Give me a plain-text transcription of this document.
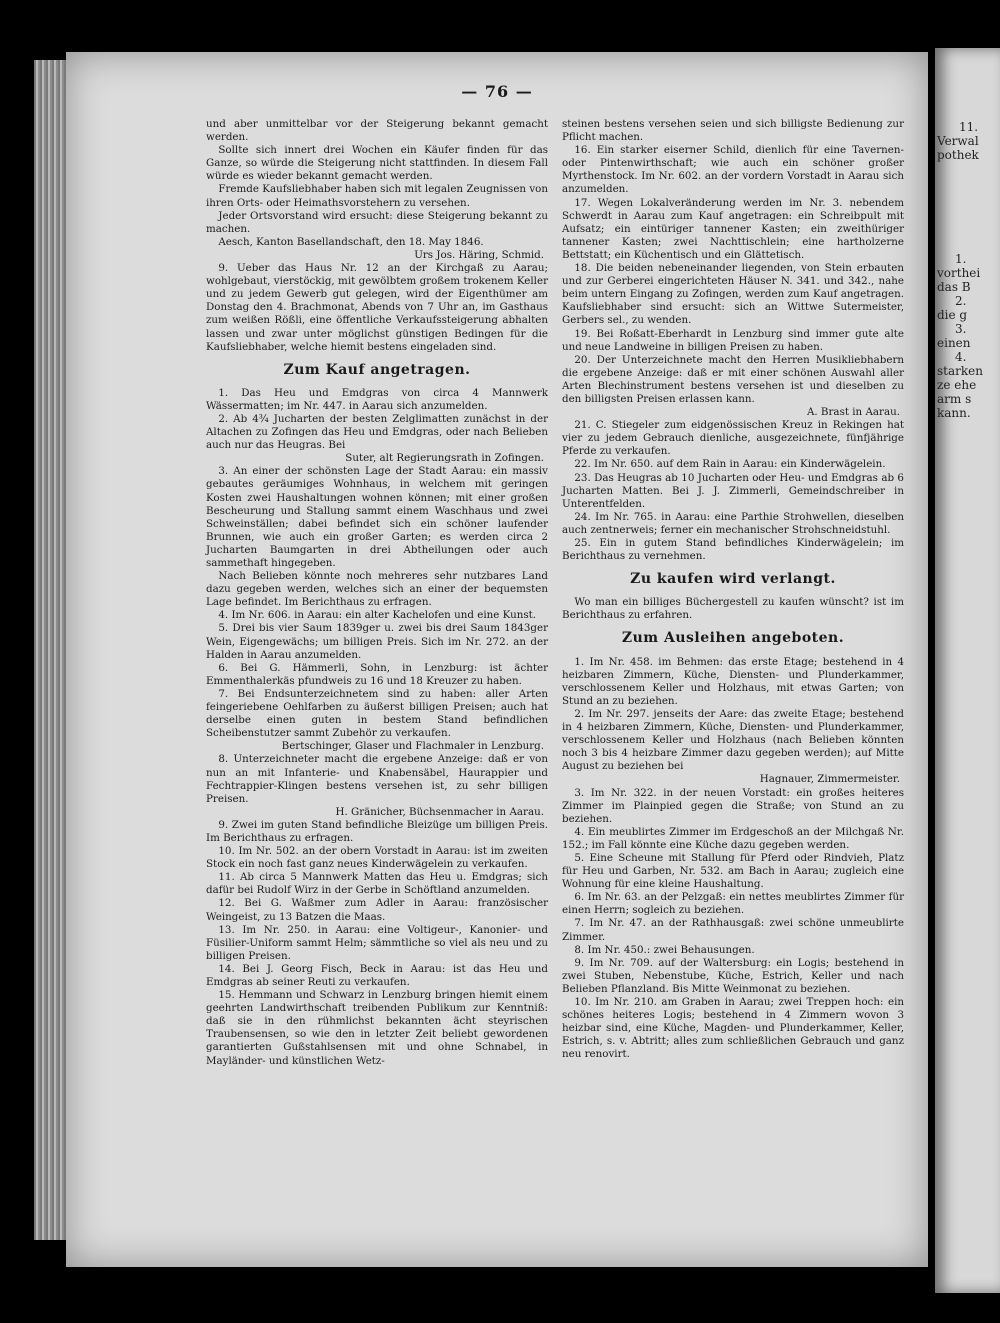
— 76 —

und aber unmittelbar vor der Steigerung bekannt gemacht werden.

Sollte sich innert drei Wochen ein Käufer finden für das Ganze, so würde die Steigerung nicht stattfinden. In diesem Fall würde es wieder bekannt gemacht werden.

Fremde Kaufsliebhaber haben sich mit legalen Zeugnissen von ihren Orts- oder Heimathsvorstehern zu versehen.

Jeder Ortsvorstand wird ersucht: diese Steigerung bekannt zu machen.

Aesch, Kanton Basellandschaft, den 18. May 1846.

Urs Jos. Häring, Schmid.

9. Ueber das Haus Nr. 12 an der Kirchgaß zu Aarau; wohlgebaut, vierstöckig, mit gewölbtem großem trokenem Keller und zu jedem Gewerb gut gelegen, wird der Eigenthümer am Donstag den 4. Brachmonat, Abends von 7 Uhr an, im Gasthaus zum weißen Rößli, eine öffentliche Verkaufssteigerung abhalten lassen und zwar unter möglichst günstigen Bedingen für die Kaufsliebhaber, welche hiemit bestens eingeladen sind.

Zum Kauf angetragen.

1. Das Heu und Emdgras von circa 4 Mannwerk Wässermatten; im Nr. 447. in Aarau sich anzumelden.

2. Ab 4¾ Jucharten der besten Zelglimatten zunächst in der Altachen zu Zofingen das Heu und Emdgras, oder nach Belieben auch nur das Heugras. Bei

Suter, alt Regierungsrath in Zofingen.

3. An einer der schönsten Lage der Stadt Aarau: ein massiv gebautes geräumiges Wohnhaus, in welchem mit geringen Kosten zwei Haushaltungen wohnen können; mit einer großen Bescheurung und Stallung sammt einem Waschhaus und zwei Schweinställen; dabei befindet sich ein schöner laufender Brunnen, wie auch ein großer Garten; es werden circa 2 Jucharten Baumgarten in drei Abtheilungen oder auch sammethaft hingegeben.

Nach Belieben könnte noch mehreres sehr nutzbares Land dazu gegeben werden, welches sich an einer der bequemsten Lage befindet. Im Berichthaus zu erfragen.

4. Im Nr. 606. in Aarau: ein alter Kachelofen und eine Kunst.

5. Drei bis vier Saum 1839ger u. zwei bis drei Saum 1843ger Wein, Eigengewächs; um billigen Preis. Sich im Nr. 272. an der Halden in Aarau anzumelden.

6. Bei G. Hämmerli, Sohn, in Lenzburg: ist ächter Emmenthalerkäs pfundweis zu 16 und 18 Kreuzer zu haben.

7. Bei Endsunterzeichnetem sind zu haben: aller Arten feingeriebene Oehlfarben zu äußerst billigen Preisen; auch hat derselbe einen guten in bestem Stand befindlichen Scheibenstutzer sammt Zubehör zu verkaufen.

Bertschinger, Glaser und Flachmaler in Lenzburg.

8. Unterzeichneter macht die ergebene Anzeige: daß er von nun an mit Infanterie- und Knabensäbel, Haurappier und Fechtrappier-Klingen bestens versehen ist, zu sehr billigen Preisen.

H. Gränicher, Büchsenmacher in Aarau.

9. Zwei im guten Stand befindliche Bleizüge um billigen Preis. Im Berichthaus zu erfragen.

10. Im Nr. 502. an der obern Vorstadt in Aarau: ist im zweiten Stock ein noch fast ganz neues Kinderwägelein zu verkaufen.

11. Ab circa 5 Mannwerk Matten das Heu u. Emdgras; sich dafür bei Rudolf Wirz in der Gerbe in Schöftland anzumelden.

12. Bei G. Waßmer zum Adler in Aarau: französischer Weingeist, zu 13 Batzen die Maas.

13. Im Nr. 250. in Aarau: eine Voltigeur-, Kanonier- und Füsilier-Uniform sammt Helm; sämmtliche so viel als neu und zu billigen Preisen.

14. Bei J. Georg Fisch, Beck in Aarau: ist das Heu und Emdgras ab seiner Reuti zu verkaufen.

15. Hemmann und Schwarz in Lenzburg bringen hiemit einem geehrten Landwirthschaft treibenden Publikum zur Kenntniß: daß sie in den rühmlichst bekannten ächt steyrischen Traubensensen, so wie den in letzter Zeit beliebt gewordenen garantierten Gußstahlsensen mit und ohne Schnabel, in Mayländer- und künstlichen Wetz-

steinen bestens versehen seien und sich billigste Bedienung zur Pflicht machen.

16. Ein starker eiserner Schild, dienlich für eine Tavernen- oder Pintenwirthschaft; wie auch ein schöner großer Myrthenstock. Im Nr. 602. an der vordern Vorstadt in Aarau sich anzumelden.

17. Wegen Lokalveränderung werden im Nr. 3. nebendem Schwerdt in Aarau zum Kauf angetragen: ein Schreibpult mit Aufsatz; ein eintüriger tannener Kasten; ein zweithüriger tannener Kasten; zwei Nachttischlein; eine hartholzerne Bettstatt; ein Küchentisch und ein Glättetisch.

18. Die beiden nebeneinander liegenden, von Stein erbauten und zur Gerberei eingerichteten Häuser N. 341. und 342., nahe beim untern Eingang zu Zofingen, werden zum Kauf angetragen. Kaufsliebhaber sind ersucht: sich an Wittwe Sutermeister, Gerbers sel., zu wenden.

19. Bei Roßatt-Eberhardt in Lenzburg sind immer gute alte und neue Landweine in billigen Preisen zu haben.

20. Der Unterzeichnete macht den Herren Musikliebhabern die ergebene Anzeige: daß er mit einer schönen Auswahl aller Arten Blechinstrument bestens versehen ist und dieselben zu den billigsten Preisen erlassen kann.

A. Brast in Aarau.

21. C. Stiegeler zum eidgenössischen Kreuz in Rekingen hat vier zu jedem Gebrauch dienliche, ausgezeichnete, fünfjährige Pferde zu verkaufen.

22. Im Nr. 650. auf dem Rain in Aarau: ein Kinderwägelein.

23. Das Heugras ab 10 Jucharten oder Heu- und Emdgras ab 6 Jucharten Matten. Bei J. J. Zimmerli, Gemeindschreiber in Unterentfelden.

24. Im Nr. 765. in Aarau: eine Parthie Strohwellen, dieselben auch zentnerweis; ferner ein mechanischer Strohschneidstuhl.

25. Ein in gutem Stand befindliches Kinderwägelein; im Berichthaus zu vernehmen.

Zu kaufen wird verlangt.

Wo man ein billiges Büchergestell zu kaufen wünscht? ist im Berichthaus zu erfahren.

Zum Ausleihen angeboten.

1. Im Nr. 458. im Behmen: das erste Etage; bestehend in 4 heizbaren Zimmern, Küche, Diensten- und Plunderkammer, verschlossenem Keller und Holzhaus, mit etwas Garten; von Stund an zu beziehen.

2. Im Nr. 297. jenseits der Aare: das zweite Etage; bestehend in 4 heizbaren Zimmern, Küche, Diensten- und Plunderkammer, verschlossenem Keller und Holzhaus (nach Belieben könnten noch 3 bis 4 heizbare Zimmer dazu gegeben werden); auf Mitte August zu beziehen bei

Hagnauer, Zimmermeister.

3. Im Nr. 322. in der neuen Vorstadt: ein großes heiteres Zimmer im Plainpied gegen die Straße; von Stund an zu beziehen.

4. Ein meublirtes Zimmer im Erdgeschoß an der Milchgaß Nr. 152.; im Fall könnte eine Küche dazu gegeben werden.

5. Eine Scheune mit Stallung für Pferd oder Rindvieh, Platz für Heu und Garben, Nr. 532. am Bach in Aarau; zugleich eine Wohnung für eine kleine Haushaltung.

6. Im Nr. 63. an der Pelzgaß: ein nettes meublirtes Zimmer für einen Herrn; sogleich zu beziehen.

7. Im Nr. 47. an der Rathhausgaß: zwei schöne unmeublirte Zimmer.

8. Im Nr. 450.: zwei Behausungen.

9. Im Nr. 709. auf der Waltersburg: ein Logis; bestehend in zwei Stuben, Nebenstube, Küche, Estrich, Keller und nach Belieben Pflanzland. Bis Mitte Weinmonat zu beziehen.

10. Im Nr. 210. am Graben in Aarau; zwei Treppen hoch: ein schönes heiteres Logis; bestehend in 4 Zimmern wovon 3 heizbar sind, eine Küche, Magden- und Plunderkammer, Keller, Estrich, s. v. Abtritt; alles zum schließlichen Gebrauch und ganz neu renovirt.

11.
Verwal
pothek
1.
vorthei
das B
2.
die g
3.
einen
4.
starken
ze ehe
arm s
kann.
